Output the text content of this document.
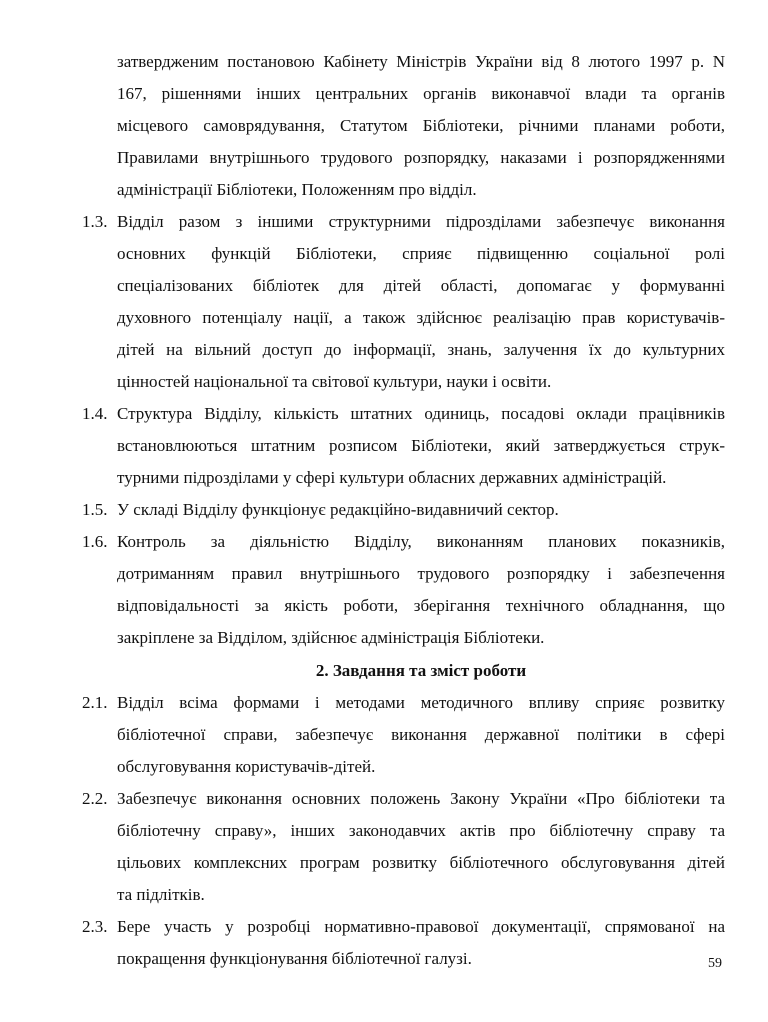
затвердженим постановою Кабінету Міністрів України від 8 лютого 1997 р. N
167, рішеннями інших центральних органів виконавчої влади та органів
місцевого самоврядування, Статутом Бібліотеки, річними планами роботи,
Правилами внутрішнього трудового розпорядку, наказами і розпорядженнями
адміністрації Бібліотеки, Положенням про відділ.
1.3. Відділ разом з іншими структурними підрозділами забезпечує виконання
основних функцій Бібліотеки, сприяє підвищенню соціальної ролі
спеціалізованих бібліотек для дітей області, допомагає у формуванні
духовного потенціалу нації, а також здійснює реалізацію прав користувачів-
дітей на вільний доступ до інформації, знань, залучення їх до культурних
цінностей національної та світової культури, науки і освіти.
1.4. Структура Відділу, кількість штатних одиниць, посадові оклади працівників
встановлюються штатним розписом Бібліотеки, який затверджується струк-
турними підрозділами у сфері культури обласних державних адміністрацій.
1.5. У складі Відділу функціонує редакційно-видавничий сектор.
1.6. Контроль за діяльністю Відділу, виконанням планових показників,
дотриманням правил внутрішнього трудового розпорядку і забезпечення
відповідальності за якість роботи, зберігання технічного обладнання, що
закріплене за Відділом, здійснює адміністрація Бібліотеки.
2. Завдання та зміст роботи
2.1. Відділ всіма формами і методами методичного впливу сприяє розвитку
бібліотечної справи, забезпечує виконання державної політики в сфері
обслуговування користувачів-дітей.
2.2. Забезпечує виконання основних положень Закону України «Про бібліотеки та
бібліотечну справу», інших законодавчих актів про бібліотечну справу та
цільових комплексних програм розвитку бібліотечного обслуговування дітей
та підлітків.
2.3. Бере участь у розробці нормативно-правової документації, спрямованої на
покращення функціонування бібліотечної галузі.	59
